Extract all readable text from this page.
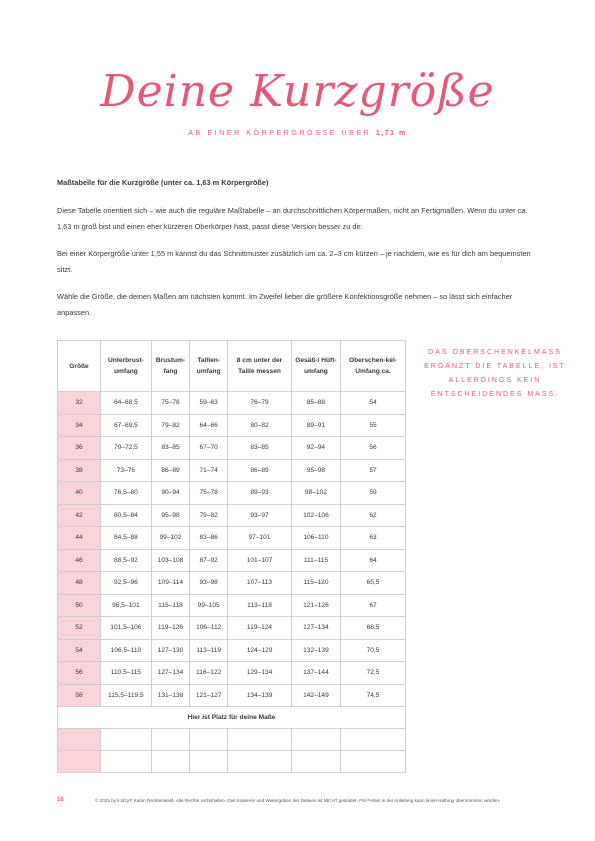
Deine Kurzgröße
AB EINER KÖRPERGRÖSSE ÜBER 1,71 m

Maßtabelle für die Kurzgröße (unter ca. 1,63 m Körpergröße)

Diese Tabelle orientiert sich – wie auch die reguläre Maßtabelle – an durchschnittlichen Körpermaßen, nicht an Fertigmaßen. Wenn du unter ca. 1,63 m groß bist und einen eher kürzeren Oberkörper hast, passt diese Version besser zu dir.

Bei einer Körpergröße unter 1,55 m kannst du das Schnittmuster zusätzlich um ca. 2–3 cm kürzen – je nachdem, wie es für dich am bequemsten sitzt.

Wähle die Größe, die deinen Maßen am nächsten kommt. Im Zweifel lieber die größere Konfektionsgröße nehmen – so lässt sich einfacher anpassen.

DAS OBERSCHENKELMASS ERGÄNZT DIE TABELLE, IST ALLERDINGS KEIN ENTSCHEIDENDES MASS.
Größe	Unterbrust-umfang	Brustum-fang	Taillen-umfang	8 cm unter der Taille messen	Gesäß-/ Hüft-umfang	Oberschen-kel-Umfang ca.
32	64–68,5	75–78	59–63	76–79	85–88	54
34	67–69,5	79–82	64–66	80–82	89–91	55
36	70–72,5	83–85	67–70	83–85	92–94	56
38	73–76	86–89	71–74	86–89	95–98	57
40	76,5–80	90–94	75–78	89–93	98–102	59
42	80,5–84	95–98	79–82	93–97	102–106	62
44	84,5–88	99–102	83–86	97–101	106–110	63
46	88,5–92	103–108	87–92	101–107	111–115	64
48	92,5–96	109–114	93–98	107–113	115–120	65,5
50	96,5–101	115–118	99–105	113–118	121–126	67
52	101,5–106	119–126	106–112	119–124	127–134	68,5
54	106,5–110	127–130	113–119	124–129	132–139	70,5
56	110,5–115	127–134	116–122	129–134	137–144	72,5
58	115,5–119,5	131–138	121–127	134–139	142–149	74,5
Hier ist Platz für deine Maße						

16	© 2025 by k.titzy® Katrin Recktenwald- Alle Rechte vorbehalten- Das Kopieren und Weitergeben der Dateien ist NICHT gestattet- Für Fehler in der Anleitung kann keine Haftung übernommen werden-
